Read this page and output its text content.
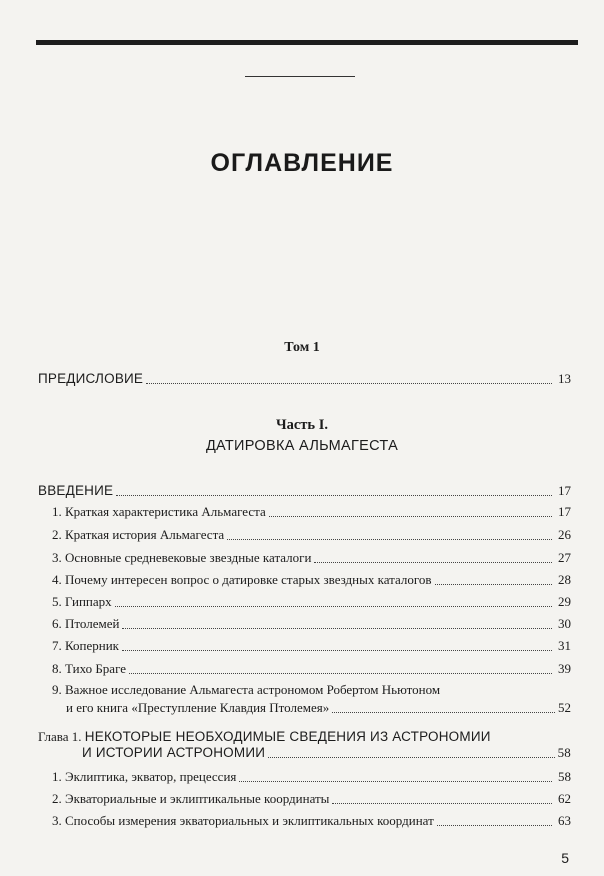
ОГЛАВЛЕНИЕ
Том 1
ПРЕДИСЛОВИЕ	13
Часть I.
ДАТИРОВКА АЛЬМАГЕСТА
ВВЕДЕНИЕ	17
1. Краткая характеристика Альмагеста	17
2. Краткая история Альмагеста	26
3. Основные средневековые звездные каталоги	27
4. Почему интересен вопрос о датировке старых звездных каталогов	28
5. Гиппарх	29
6. Птолемей	30
7. Коперник	31
8. Тихо Браге	39
9. Важное исследование Альмагеста астрономом Робертом Ньютоном
и его книга «Преступление Клавдия Птолемея»	52
Глава 1. НЕКОТОРЫЕ НЕОБХОДИМЫЕ СВЕДЕНИЯ ИЗ АСТРОНОМИИ
И ИСТОРИИ АСТРОНОМИИ	58
1. Эклиптика, экватор, прецессия	58
2. Экваториальные и эклиптикальные координаты	62
3. Способы измерения экваториальных и эклиптикальных координат	63
5
